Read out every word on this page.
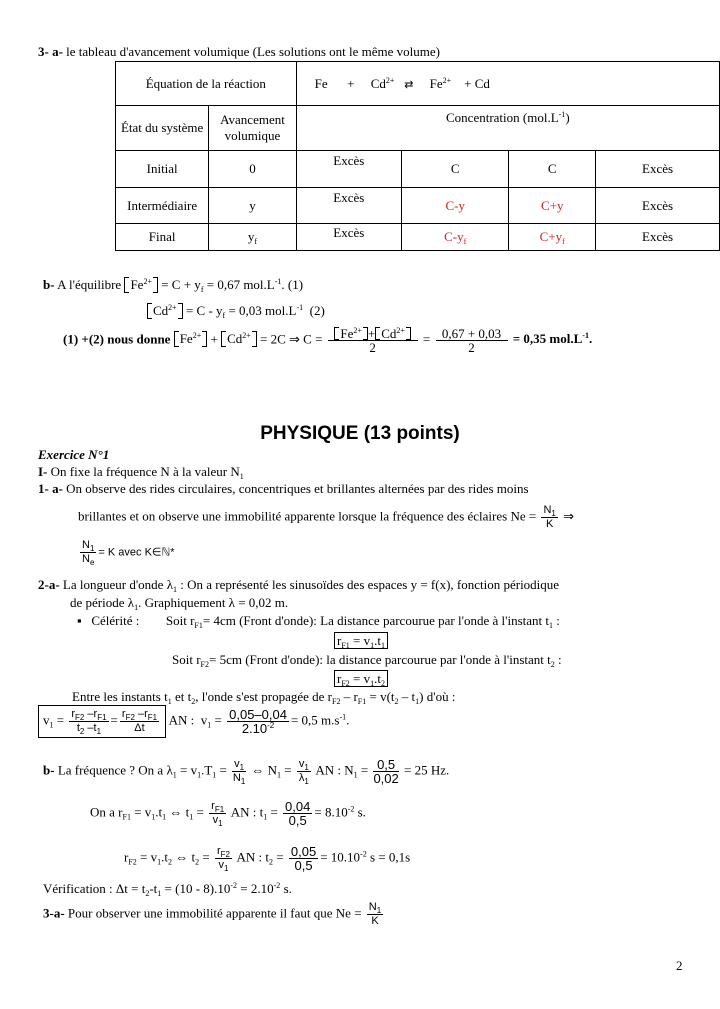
3- a- le tableau d'avancement volumique (Les solutions ont le même volume)
Équation de la réaction		$Fe + Cd^{2+}$ ⇄ $Fe^{2+} + Cd$			
État du système	Avancement volumique	Concentration $(mol.L^{-1})$			
Initial	0	Excès	C	C	Excès
Intermédiaire	y	Excès	C-y	C+y	Excès
Final	$y_f$	Excès	$C-y_f$	$C+y_f$	Excès
b- A l'équilibre $Fe^{2+} = C + y_f = 0,67$ $mol.L^{-1}$. (1)
$Cd^{2+} = C - y_f = 0,03$ $mol.L^{-1}$ (2)
(1) +(2) nous donne $Fe^{2+} + Cd^{2+} = 2C$ ⇒ $C = \frac{Fe^{2+} + Cd^{2+}}{2} = \frac{0,67 + 0,03}{2} = 0,35$ $mol.L^{-1}$.
PHYSIQUE (13 points)
Exercice N°1
I- On fixe la fréquence N à la valeur $N_1$
1- a- On observe des rides circulaires, concentriques et brillantes alternées par des rides moins
brillantes et on observe une immobilité apparente lorsque la fréquence des éclaires $Ne = \frac{N_1}{K}$ ⇒
$\frac{N_1}{N_e} = K$ avec K∈ℕ*
2-a- La longueur d'onde $\lambda_1$ : On a représenté les sinusoïdes des espaces y = f(x), fonction périodique
de période $\lambda_1$. Graphiquement λ = 0,02 m.
▪   Célérité : Soit $r_{F1}= 4cm$ (Front d'onde): La distance parcourue par l'onde à l'instant $t_1$ :
$r_{F1} = v_1.t_1$
Soit $r_{F2}= 5cm$ (Front d'onde): la distance parcourue par l'onde à l'instant $t_2$ :
$r_{F2} = v_1.t_2$
Entre les instants $t_1$ et $t_2$, l'onde s'est propagée de $r_{F2} - r_{F1} = v(t_2 - t_1)$ d'où :
$v_1 = \frac{r_{F2} -r_{F1}}{t_2 -t_1} = \frac{r_{F2} -r_{F1}}{\Delta t}$ AN :  $v_1 = \frac{0,05-0,04}{2.10^{-2}} = 0,5$ $m.s^{-1}$.
b- La fréquence ? On a $\lambda_1 = v_1.T_1 = \frac{v_1}{N_1}$ ⇔ $N_1 = \frac{v_1}{\lambda_1}$ AN : $N_1 = \frac{0,5}{0,02} = 25$ Hz.
On a $r_{F1} = v_1.t_1$ ⇔ $t_1 = \frac{r_{F1}}{v_1}$ AN : $t_1 = \frac{0,04}{0,5} = 8.10^{-2}$ s.
$r_{F2} = v_1.t_2$ ⇔ $t_2 = \frac{r_{F2}}{v_1}$ AN : $t_2 = \frac{0,05}{0,5} = 10.10^{-2}$ s = 0,1s
Vérification : $\Delta t = t_2-t_1 = (10 - 8).10^{-2} = 2.10^{-2}$ s.
3-a- Pour observer une immobilité apparente il faut que $Ne = \frac{N_1}{K}$
2
